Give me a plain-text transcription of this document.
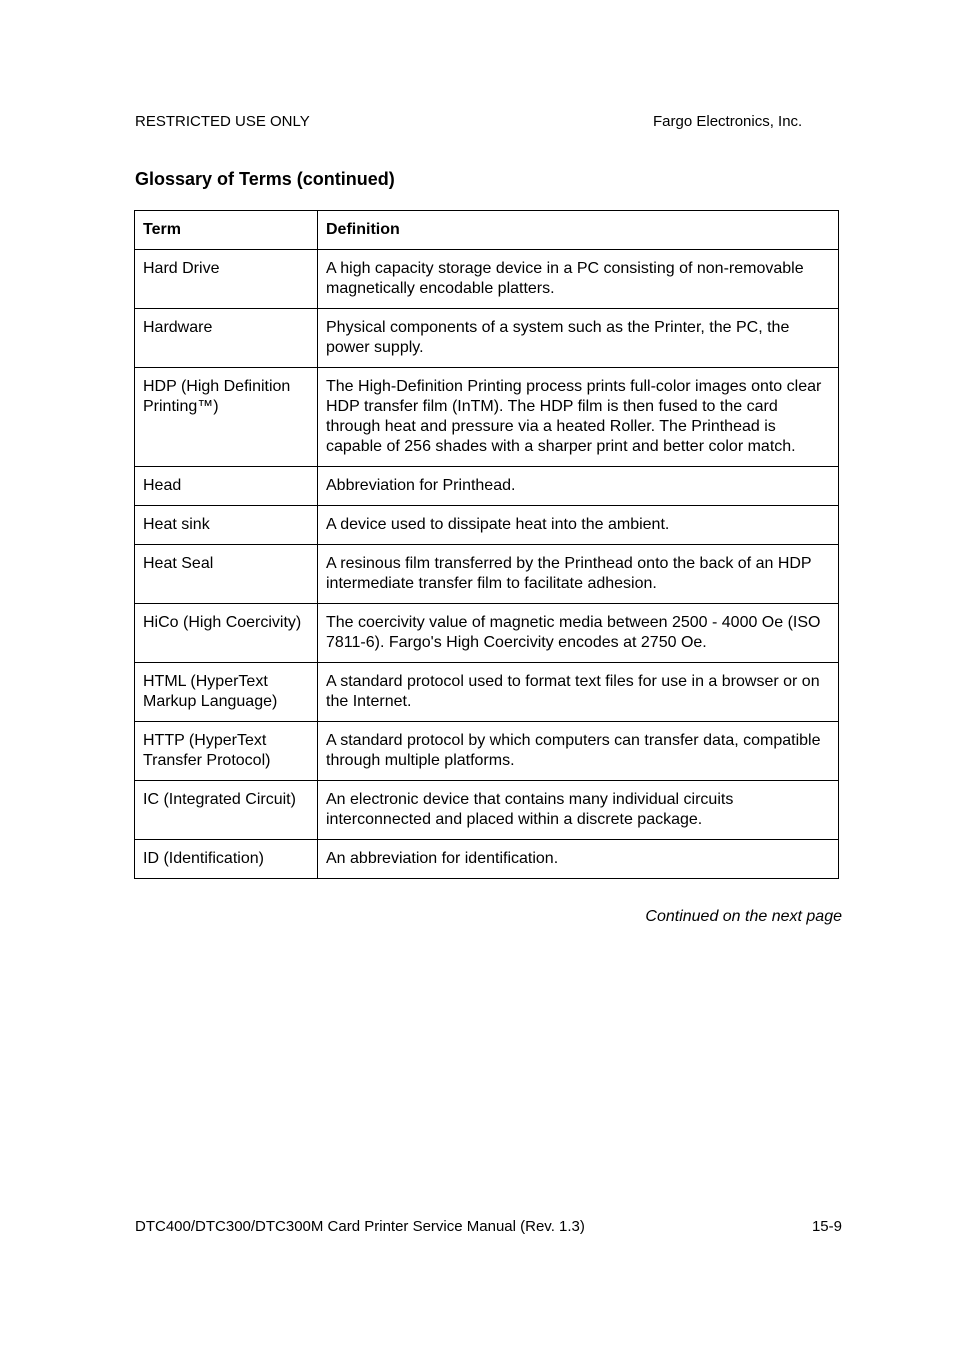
RESTRICTED USE ONLY	Fargo Electronics, Inc.
Glossary of Terms (continued)
Term	Definition
Hard Drive	A high capacity storage device in a PC consisting of non-removable magnetically encodable platters.
Hardware	Physical components of a system such as the Printer, the PC, the power supply.
HDP (High Definition Printing™)	The High-Definition Printing process prints full-color images onto clear HDP transfer film (InTM). The HDP film is then fused to the card through heat and pressure via a heated Roller. The Printhead is capable of 256 shades with a sharper print and better color match.
Head	Abbreviation for Printhead.
Heat sink	A device used to dissipate heat into the ambient.
Heat Seal	A resinous film transferred by the Printhead onto the back of an HDP intermediate transfer film to facilitate adhesion.
HiCo (High Coercivity)	The coercivity value of magnetic media between 2500 - 4000 Oe (ISO 7811-6). Fargo's High Coercivity encodes at 2750 Oe.
HTML (HyperText Markup Language)	A standard protocol used to format text files for use in a browser or on the Internet.
HTTP (HyperText Transfer Protocol)	A standard protocol by which computers can transfer data, compatible through multiple platforms.
IC (Integrated Circuit)	An electronic device that contains many individual circuits interconnected and placed within a discrete package.
ID (Identification)	An abbreviation for identification.
Continued on the next page
DTC400/DTC300/DTC300M Card Printer Service Manual (Rev. 1.3)	15-9
